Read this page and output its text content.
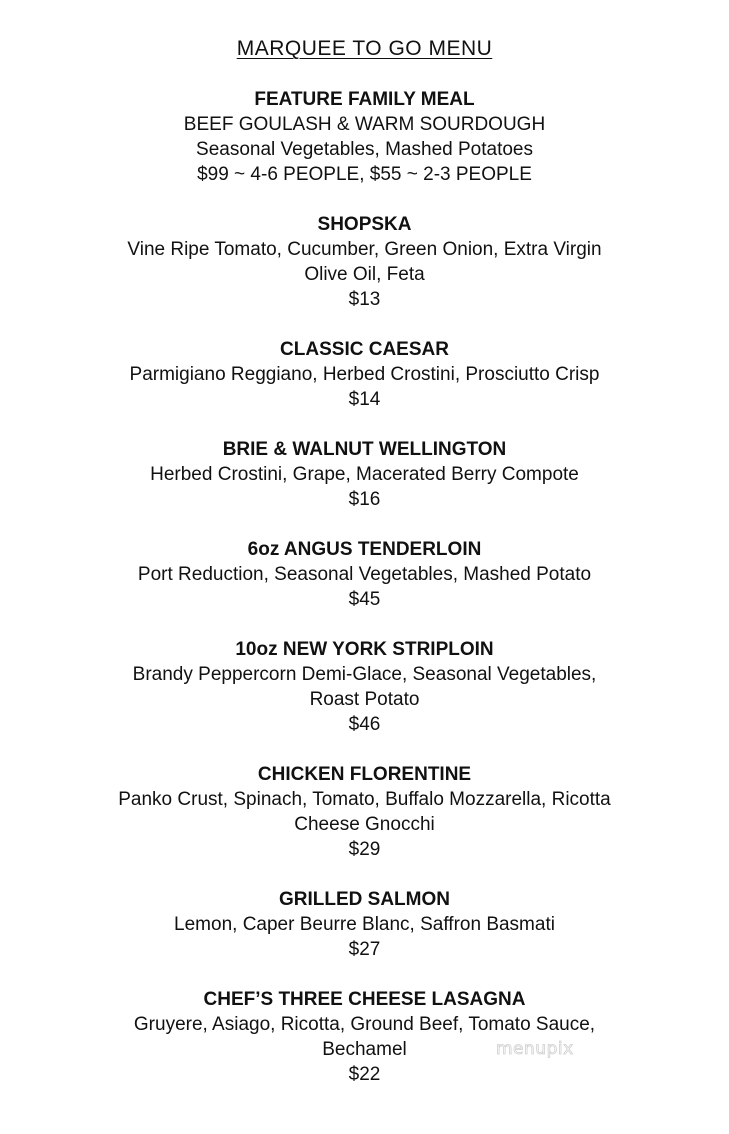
MARQUEE TO GO MENU
FEATURE FAMILY MEAL
BEEF GOULASH & WARM SOURDOUGH
Seasonal Vegetables, Mashed Potatoes
$99 ~ 4-6 PEOPLE, $55 ~ 2-3 PEOPLE
SHOPSKA
Vine Ripe Tomato, Cucumber, Green Onion, Extra Virgin
Olive Oil, Feta
$13
CLASSIC CAESAR
Parmigiano Reggiano, Herbed Crostini, Prosciutto Crisp
$14
BRIE & WALNUT WELLINGTON
Herbed Crostini, Grape, Macerated Berry Compote
$16
6oz ANGUS TENDERLOIN
Port Reduction, Seasonal Vegetables, Mashed Potato
$45
10oz NEW YORK STRIPLOIN
Brandy Peppercorn Demi-Glace, Seasonal Vegetables,
Roast Potato
$46
CHICKEN FLORENTINE
Panko Crust, Spinach, Tomato, Buffalo Mozzarella, Ricotta
Cheese Gnocchi
$29
GRILLED SALMON
Lemon, Caper Beurre Blanc, Saffron Basmati
$27
CHEF’S THREE CHEESE LASAGNA
Gruyere, Asiago, Ricotta, Ground Beef, Tomato Sauce,
Bechamel
$22
menupix
